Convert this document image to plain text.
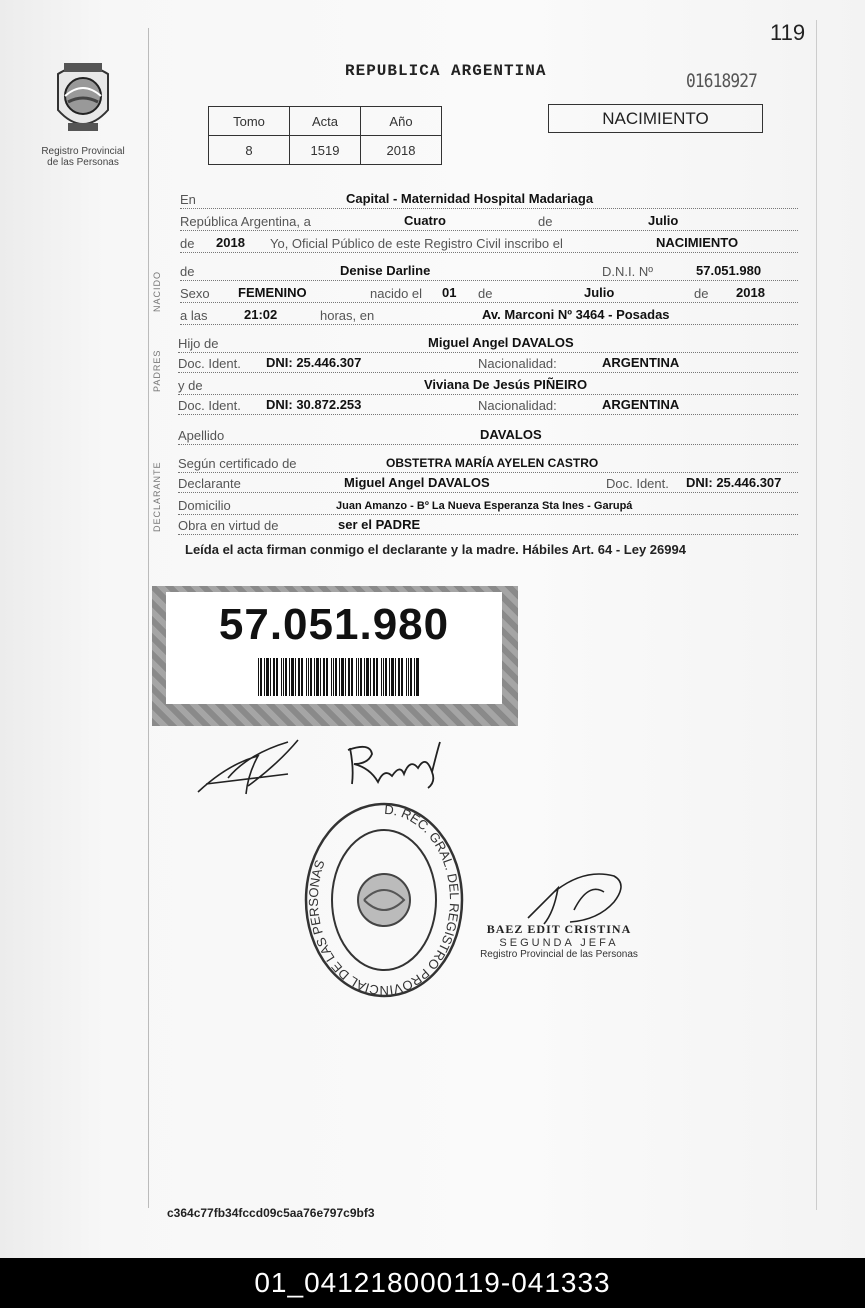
119
Registro Provincial
de las Personas
REPUBLICA ARGENTINA	01618927
Tomo	Acta	Año
8	1519	2018
NACIMIENTO
En	Capital - Maternidad Hospital Madariaga
República Argentina, a	Cuatro	de	Julio
de 2018 Yo, Oficial Público de este Registro Civil inscribo el	NACIMIENTO
NACIDO de	Denise Darline	D.N.I. Nº	57.051.980
Sexo FEMENINO	nacido el 01 de	Julio	de 2018
a las	21:02	horas, en	Av. Marconi Nº 3464 - Posadas
PADRES
Hijo de	Miguel Angel DAVALOS
Doc. Ident. DNI: 25.446.307	Nacionalidad:	ARGENTINA
y de	Viviana De Jesús PIÑEIRO
Doc. Ident. DNI: 30.872.253	Nacionalidad:	ARGENTINA
Apellido	DAVALOS
DECLARANTE Según certificado de	OBSTETRA MARÍA AYELEN CASTRO
Declarante	Miguel Angel DAVALOS	Doc. Ident. DNI: 25.446.307
Domicilio	Juan Amanzo - Bº La Nueva Esperanza Sta Ines - Garupá
Obra en virtud de	ser el PADRE
Leída el acta firman conmigo el declarante y la madre. Hábiles Art. 64 - Ley 26994
57.051.980
D. REC. GRAL. DEL REGISTRO PROVINCIAL DE LAS PERSONAS
BAEZ EDIT CRISTINA
SEGUNDA JEFA
Registro Provincial de las Personas
c364c77fb34fccd09c5aa76e797c9bf3
01_041218000119-041333
